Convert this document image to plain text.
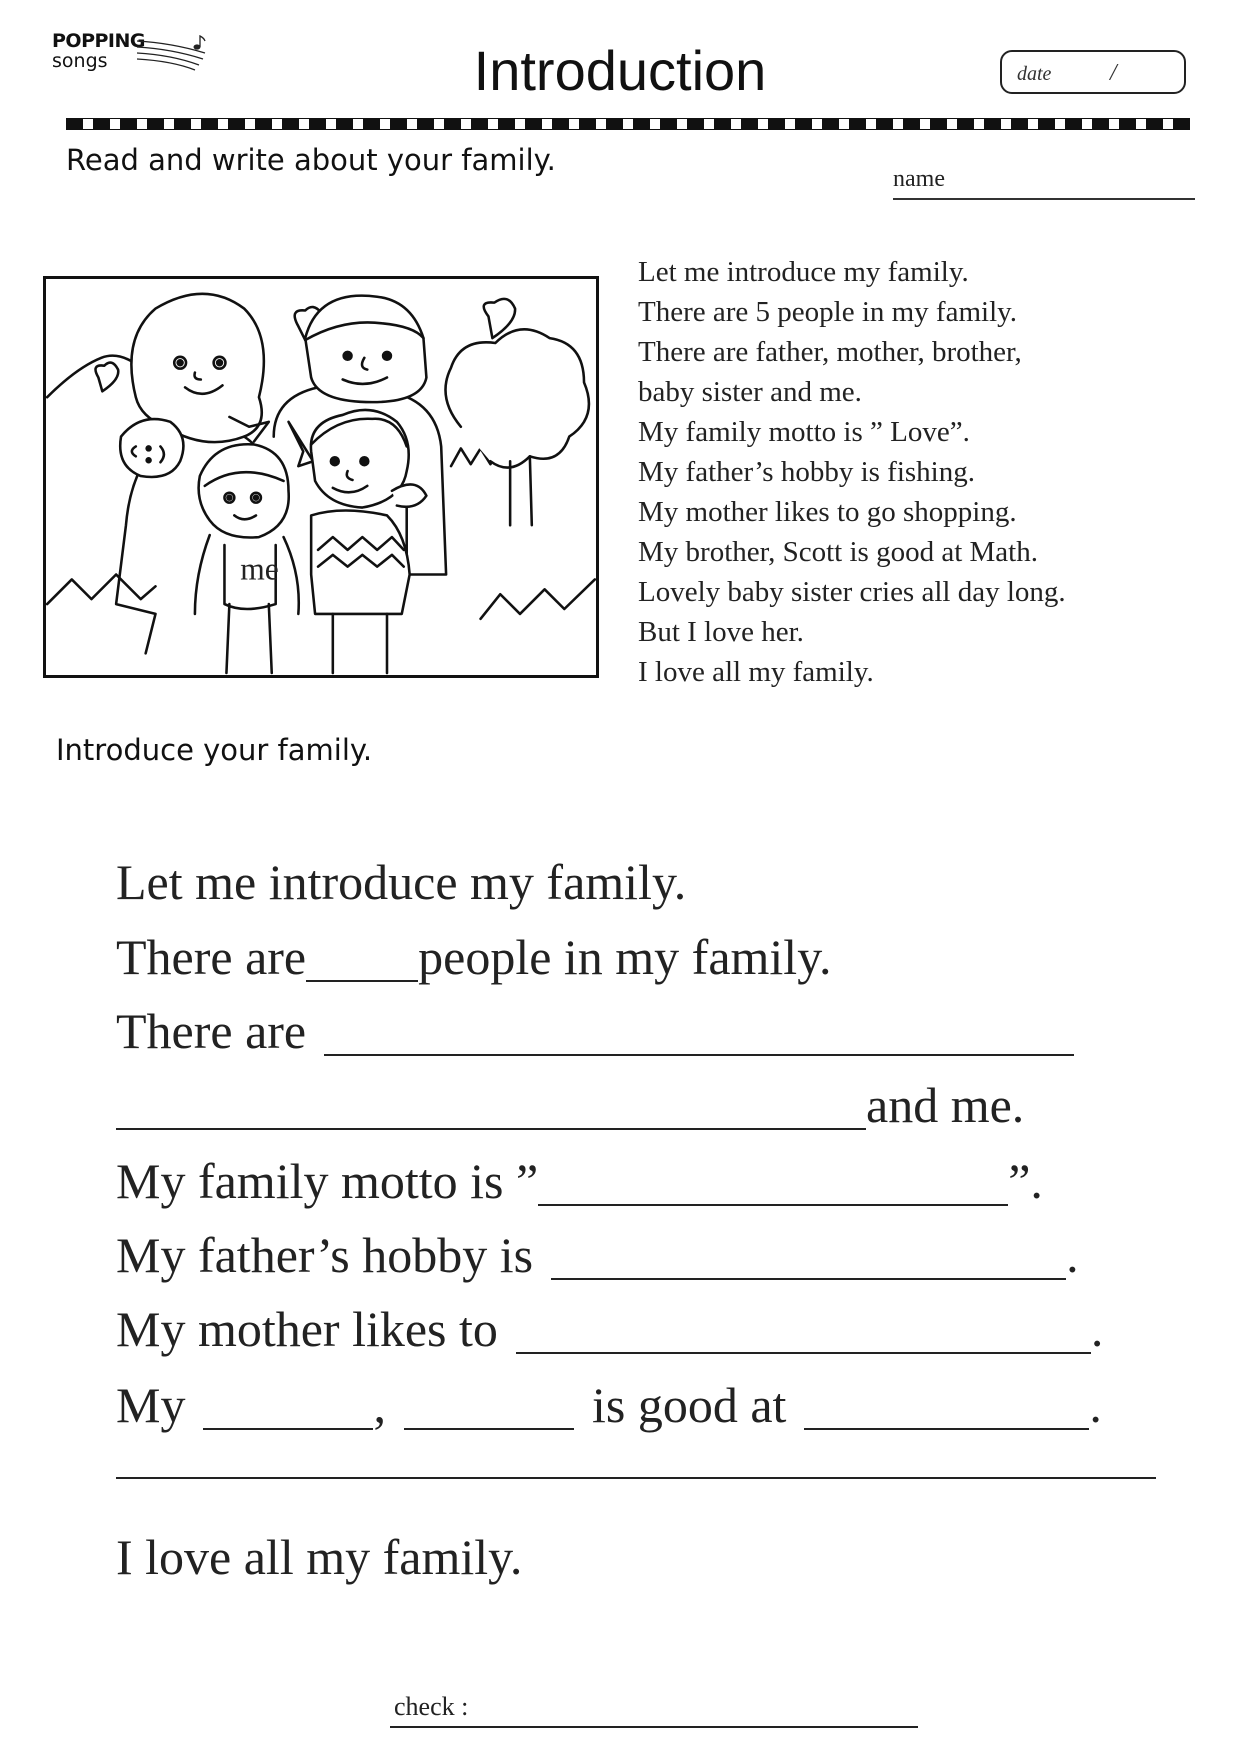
POPPING
songs	Introduction	date /
Read and write about your family.
name
me
Let me introduce my family.
There are 5 people in my family.
There are father, mother, brother,
baby sister and me.
My family motto is ” Love”.
My father’s hobby is fishing.
My mother likes to go shopping.
My brother, Scott is good at Math.
Lovely baby sister cries all day long.
But I love her.
I love all my family.
Introduce your family.
Let me introduce my family.
There are people in my family.
There are
and me.
My family motto is ”	”.
My father’s hobby is	.
My mother likes to	.
My	,	is good at	.
I love all my family.
check :
